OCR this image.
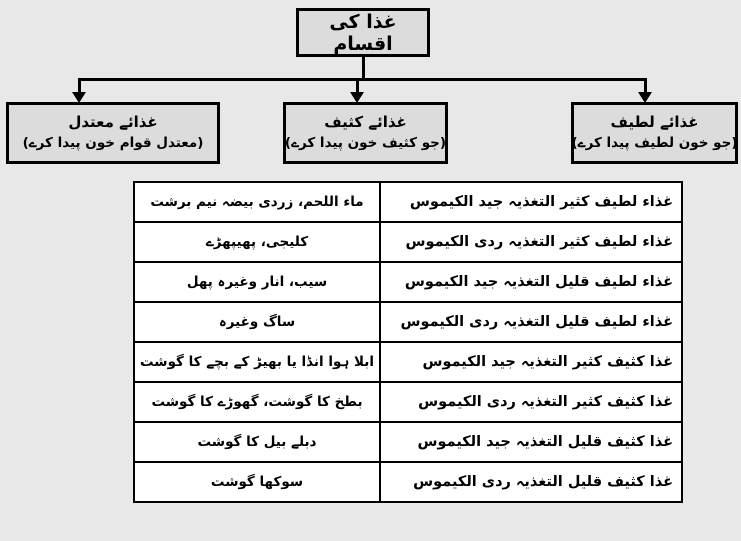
غذا کی اقسام
غذائے معتدل
(معتدل قوام خون پیدا کرے)
غذائے کثیف
(جو کثیف خون پیدا کرے)
غذائے لطیف
(جو خون لطیف پیدا کرے)
ماء اللحم، زردی بیضہ نیم برشت	غذاء لطیف کثیر التغذیہ جید الکیموس
کلیجی، پھیپھڑے	غذاء لطیف کثیر التغذیہ ردی الکیموس
سیب، انار وغیرہ پھل	غذاء لطیف قلیل التغذیہ جید الکیموس
ساگ وغیرہ	غذاء لطیف قلیل التغذیہ ردی الکیموس
ابلا ہوا انڈا یا بھیڑ کے بچے کا گوشت	غذا کثیف کثیر التغذیہ جید الکیموس
بطخ کا گوشت، گھوڑے کا گوشت	غذا کثیف کثیر التغذیہ ردی الکیموس
دبلے بیل کا گوشت	غذا کثیف قلیل التغذیہ جید الکیموس
سوکھا گوشت	غذا کثیف قلیل التغذیہ ردی الکیموس
